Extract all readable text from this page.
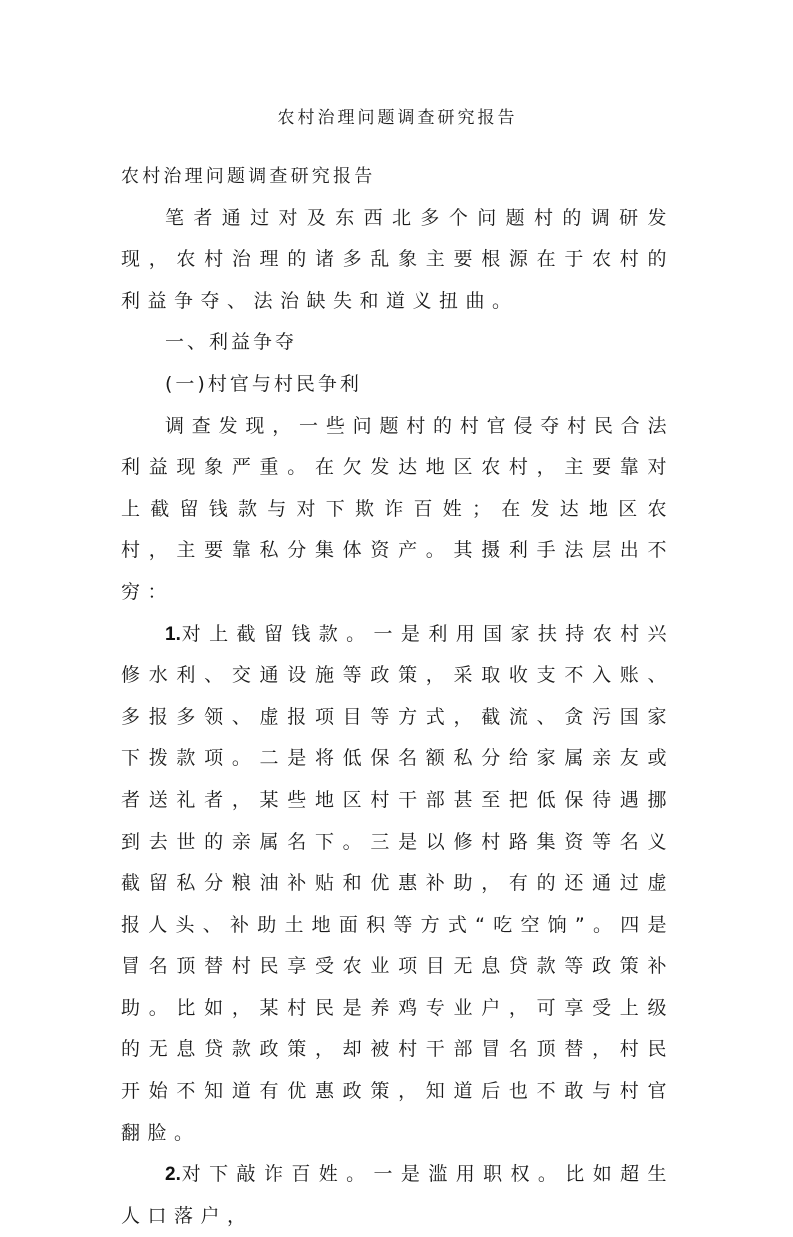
农村治理问题调查研究报告

农村治理问题调查研究报告

笔者通过对及东西北多个问题村的调研发现，农村治理的诸多乱象主要根源在于农村的利益争夺、法治缺失和道义扭曲。

一、利益争夺

(一)村官与村民争利

调查发现，一些问题村的村官侵夺村民合法利益现象严重。在欠发达地区农村，主要靠对上截留钱款与对下欺诈百姓；在发达地区农村，主要靠私分集体资产。其摄利手法层出不穷：

1.对上截留钱款。一是利用国家扶持农村兴修水利、交通设施等政策，采取收支不入账、多报多领、虚报项目等方式，截流、贪污国家下拨款项。二是将低保名额私分给家属亲友或者送礼者，某些地区村干部甚至把低保待遇挪到去世的亲属名下。三是以修村路集资等名义截留私分粮油补贴和优惠补助，有的还通过虚报人头、补助土地面积等方式“吃空饷”。四是冒名顶替村民享受农业项目无息贷款等政策补助。比如，某村民是养鸡专业户，可享受上级的无息贷款政策，却被村干部冒名顶替，村民开始不知道有优惠政策，知道后也不敢与村官翻脸。

2.对下敲诈百姓。一是滥用职权。比如超生人口落户，
